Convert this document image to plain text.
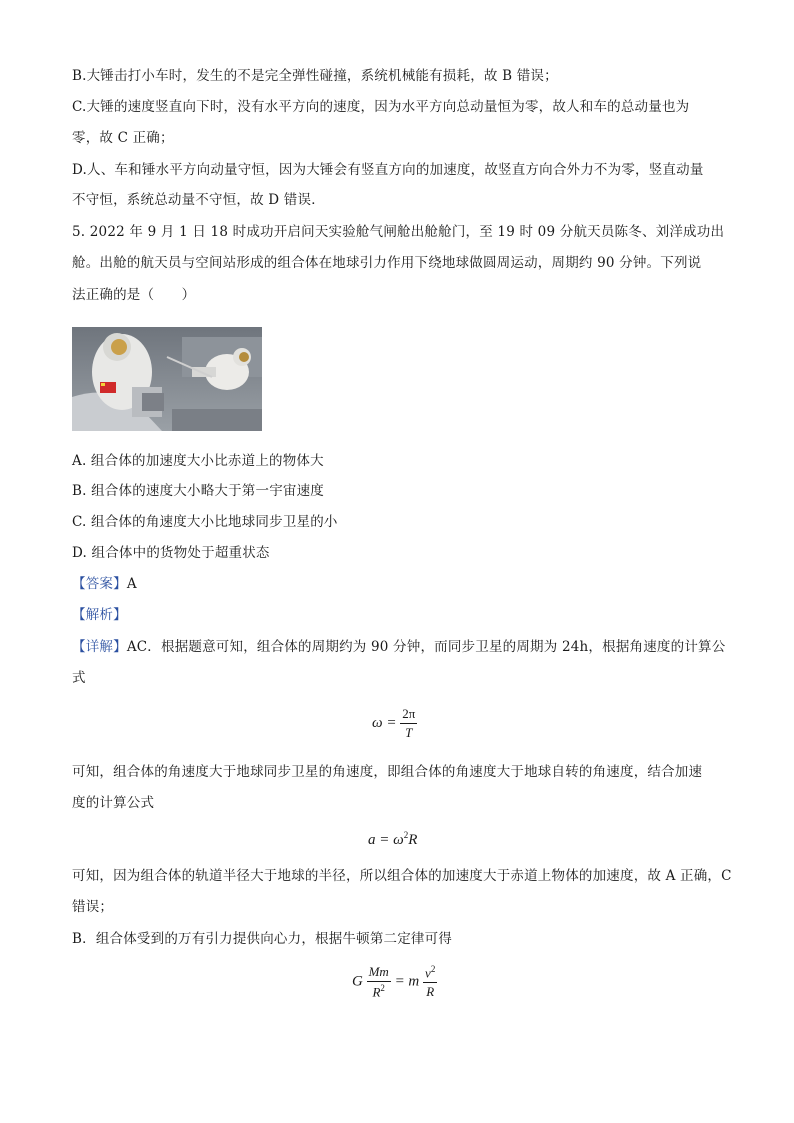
B.大锤击打小车时，发生的不是完全弹性碰撞，系统机械能有损耗，故 B 错误；
C.大锤的速度竖直向下时，没有水平方向的速度，因为水平方向总动量恒为零，故人和车的总动量也为
零，故 C 正确；
D.人、车和锤水平方向动量守恒，因为大锤会有竖直方向的加速度，故竖直方向合外力不为零，竖直动量
不守恒，系统总动量不守恒，故 D 错误．
5. 2022 年 9 月 1 日 18 时成功开启问天实验舱气闸舱出舱舱门，至 19 时 09 分航天员陈冬、刘洋成功出
舱。出舱的航天员与空间站形成的组合体在地球引力作用下绕地球做圆周运动，周期约 90 分钟。下列说
法正确的是（　　）
A. 组合体的加速度大小比赤道上的物体大
B. 组合体的速度大小略大于第一宇宙速度
C. 组合体的角速度大小比地球同步卫星的小
D. 组合体中的货物处于超重状态
【答案】A
【解析】
【详解】AC．根据题意可知，组合体的周期约为 90 分钟，而同步卫星的周期为 24h，根据角速度的计算公
式
$\omega = \frac{2\pi}{T}$
可知，组合体的角速度大于地球同步卫星的角速度，即组合体的角速度大于地球自转的角速度，结合加速
度的计算公式
$a = \omega^2R$
可知，因为组合体的轨道半径大于地球的半径，所以组合体的加速度大于赤道上物体的加速度，故 A 正确，C
错误；
B．组合体受到的万有引力提供向心力，根据牛顿第二定律可得
G $\frac{Mm}{R^2} = m \frac{v^2}{R}$
